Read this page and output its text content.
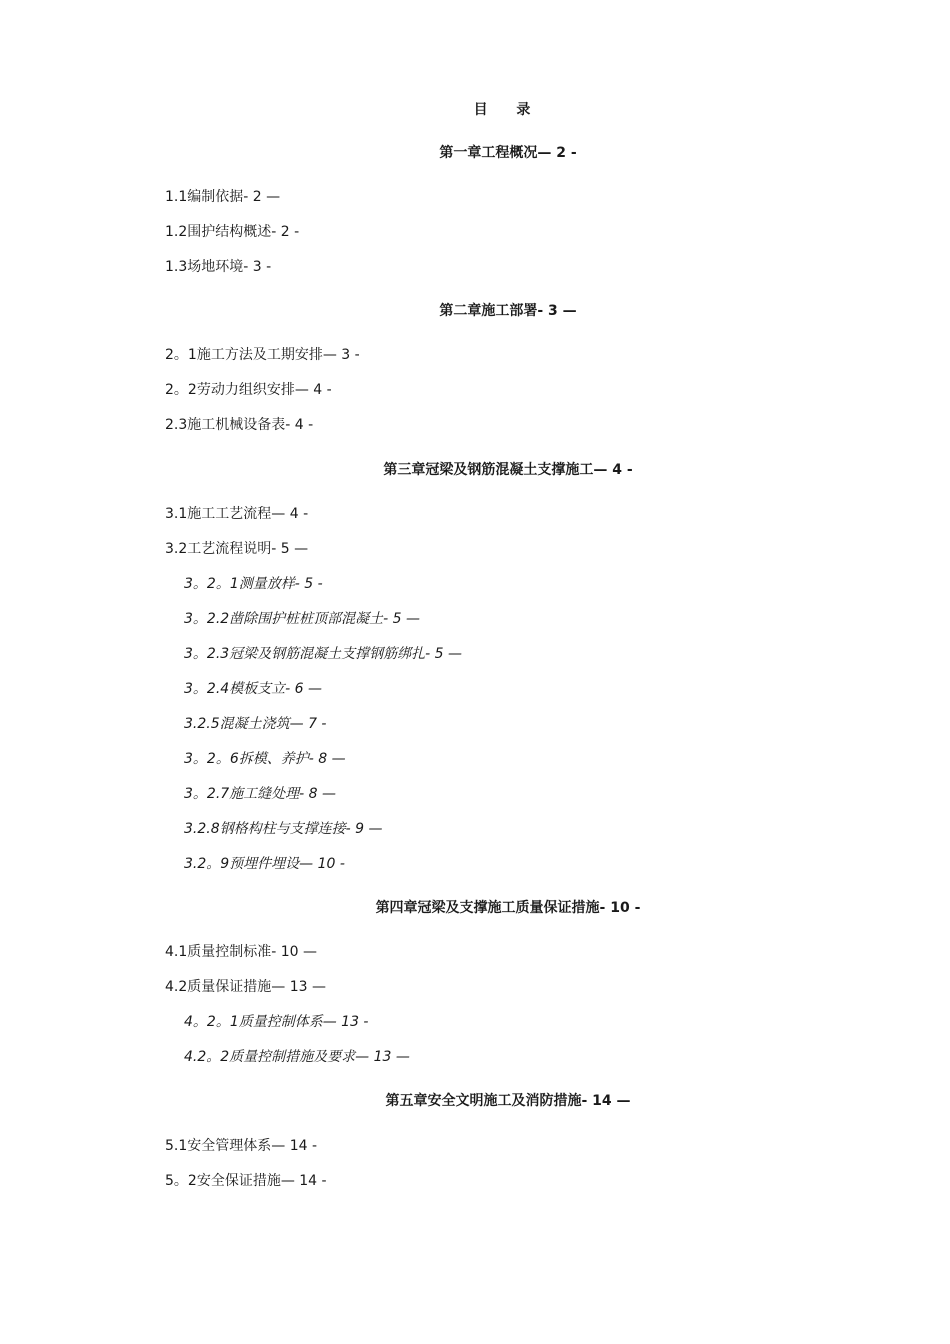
目 录
第一章工程概况— 2 -
1.1编制依据- 2 —
1.2围护结构概述- 2 -
1.3场地环境- 3 -
第二章施工部署- 3 —
2。1施工方法及工期安排— 3 -
2。2劳动力组织安排— 4 -
2.3施工机械设备表- 4 -
第三章冠梁及钢筋混凝土支撑施工— 4 -
3.1施工工艺流程— 4 -
3.2工艺流程说明- 5 —
3。2。1测量放样- 5 -
3。2.2凿除围护桩桩顶部混凝土- 5 —
3。2.3冠梁及钢筋混凝土支撑钢筋绑扎- 5 —
3。2.4模板支立- 6 —
3.2.5混凝土浇筑— 7 -
3。2。6拆模、养护- 8 —
3。2.7施工缝处理- 8 —
3.2.8钢格构柱与支撑连接- 9 —
3.2。9预埋件埋设— 10 -
第四章冠梁及支撑施工质量保证措施- 10 -
4.1质量控制标准- 10 —
4.2质量保证措施— 13 —
4。2。1质量控制体系— 13 -
4.2。2质量控制措施及要求— 13 —
第五章安全文明施工及消防措施- 14 —
5.1安全管理体系— 14 -
5。2安全保证措施— 14 -
